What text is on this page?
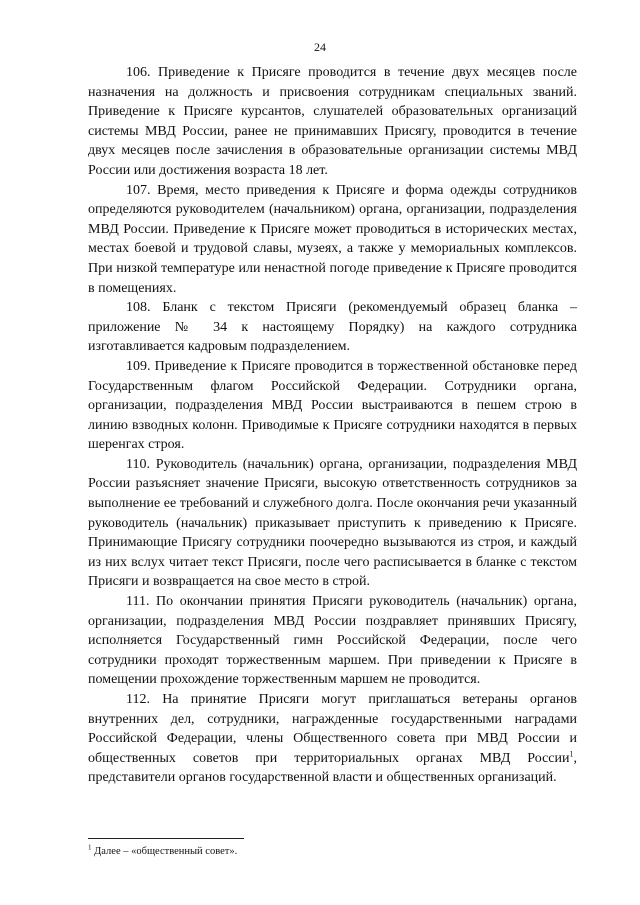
24

106. Приведение к Присяге проводится в течение двух месяцев после назначения на должность и присвоения сотрудникам специальных званий. Приведение к Присяге курсантов, слушателей образовательных организаций системы МВД России, ранее не принимавших Присягу, проводится в течение двух месяцев после зачисления в образовательные организации системы МВД России или достижения возраста 18 лет.

107. Время, место приведения к Присяге и форма одежды сотрудников определяются руководителем (начальником) органа, организации, подразделения МВД России. Приведение к Присяге может проводиться в исторических местах, местах боевой и трудовой славы, музеях, а также у мемориальных комплексов. При низкой температуре или ненастной погоде приведение к Присяге проводится в помещениях.

108. Бланк с текстом Присяги (рекомендуемый образец бланка – приложение № 34 к настоящему Порядку) на каждого сотрудника изготавливается кадровым подразделением.

109. Приведение к Присяге проводится в торжественной обстановке перед Государственным флагом Российской Федерации. Сотрудники органа, организации, подразделения МВД России выстраиваются в пешем строю в линию взводных колонн. Приводимые к Присяге сотрудники находятся в первых шеренгах строя.

110. Руководитель (начальник) органа, организации, подразделения МВД России разъясняет значение Присяги, высокую ответственность сотрудников за выполнение ее требований и служебного долга. После окончания речи указанный руководитель (начальник) приказывает приступить к приведению к Присяге. Принимающие Присягу сотрудники поочередно вызываются из строя, и каждый из них вслух читает текст Присяги, после чего расписывается в бланке с текстом Присяги и возвращается на свое место в строй.

111. По окончании принятия Присяги руководитель (начальник) органа, организации, подразделения МВД России поздравляет принявших Присягу, исполняется Государственный гимн Российской Федерации, после чего сотрудники проходят торжественным маршем. При приведении к Присяге в помещении прохождение торжественным маршем не проводится.

112. На принятие Присяги могут приглашаться ветераны органов внутренних дел, сотрудники, награжденные государственными наградами Российской Федерации, члены Общественного совета при МВД России и общественных советов при территориальных органах МВД России$^1$, представители органов государственной власти и общественных организаций.

$^1$ Далее – «общественный совет».
